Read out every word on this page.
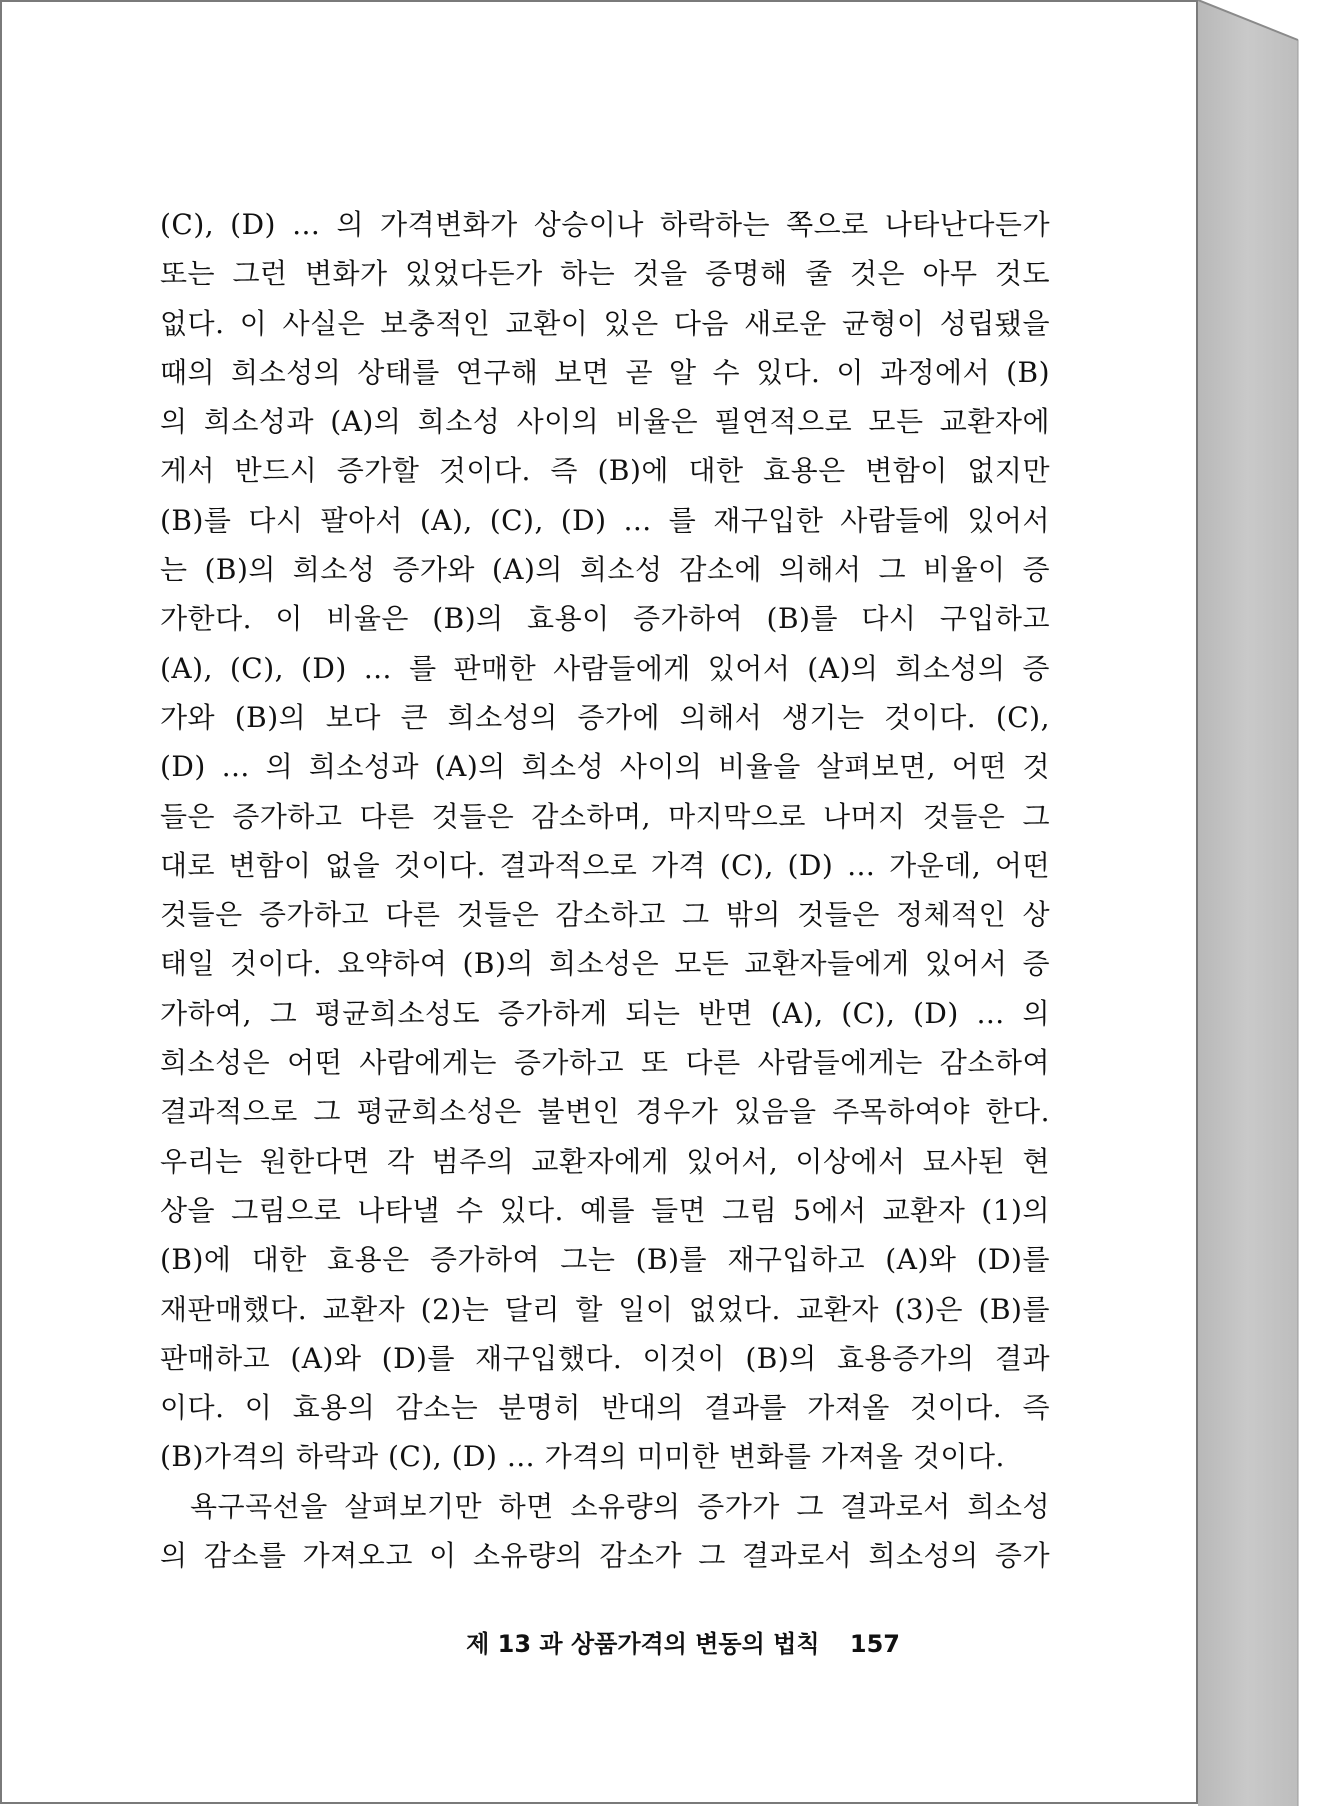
(C), (D) … 의 가격변화가 상승이나 하락하는 쪽으로 나타난다든가
또는 그런 변화가 있었다든가 하는 것을 증명해 줄 것은 아무 것도
없다. 이 사실은 보충적인 교환이 있은 다음 새로운 균형이 성립됐을
때의 희소성의 상태를 연구해 보면 곧 알 수 있다. 이 과정에서 (B)
의 희소성과 (A)의 희소성 사이의 비율은 필연적으로 모든 교환자에
게서 반드시 증가할 것이다. 즉 (B)에 대한 효용은 변함이 없지만
(B)를 다시 팔아서 (A), (C), (D) … 를 재구입한 사람들에 있어서
는 (B)의 희소성 증가와 (A)의 희소성 감소에 의해서 그 비율이 증
가한다. 이 비율은 (B)의 효용이 증가하여 (B)를 다시 구입하고
(A), (C), (D) … 를 판매한 사람들에게 있어서 (A)의 희소성의 증
가와 (B)의 보다 큰 희소성의 증가에 의해서 생기는 것이다. (C),
(D) … 의 희소성과 (A)의 희소성 사이의 비율을 살펴보면, 어떤 것
들은 증가하고 다른 것들은 감소하며, 마지막으로 나머지 것들은 그
대로 변함이 없을 것이다. 결과적으로 가격 (C), (D) … 가운데, 어떤
것들은 증가하고 다른 것들은 감소하고 그 밖의 것들은 정체적인 상
태일 것이다. 요약하여 (B)의 희소성은 모든 교환자들에게 있어서 증
가하여, 그 평균희소성도 증가하게 되는 반면 (A), (C), (D) … 의
희소성은 어떤 사람에게는 증가하고 또 다른 사람들에게는 감소하여
결과적으로 그 평균희소성은 불변인 경우가 있음을 주목하여야 한다.
우리는 원한다면 각 범주의 교환자에게 있어서, 이상에서 묘사된 현
상을 그림으로 나타낼 수 있다. 예를 들면 그림 5에서 교환자 (1)의
(B)에 대한 효용은 증가하여 그는 (B)를 재구입하고 (A)와 (D)를
재판매했다. 교환자 (2)는 달리 할 일이 없었다. 교환자 (3)은 (B)를
판매하고 (A)와 (D)를 재구입했다. 이것이 (B)의 효용증가의 결과
이다. 이 효용의 감소는 분명히 반대의 결과를 가져올 것이다. 즉
(B)가격의 하락과 (C), (D) … 가격의 미미한 변화를 가져올 것이다.
욕구곡선을 살펴보기만 하면 소유량의 증가가 그 결과로서 희소성
의 감소를 가져오고 이 소유량의 감소가 그 결과로서 희소성의 증가
제 13 과 상품가격의 변동의 법칙 157
